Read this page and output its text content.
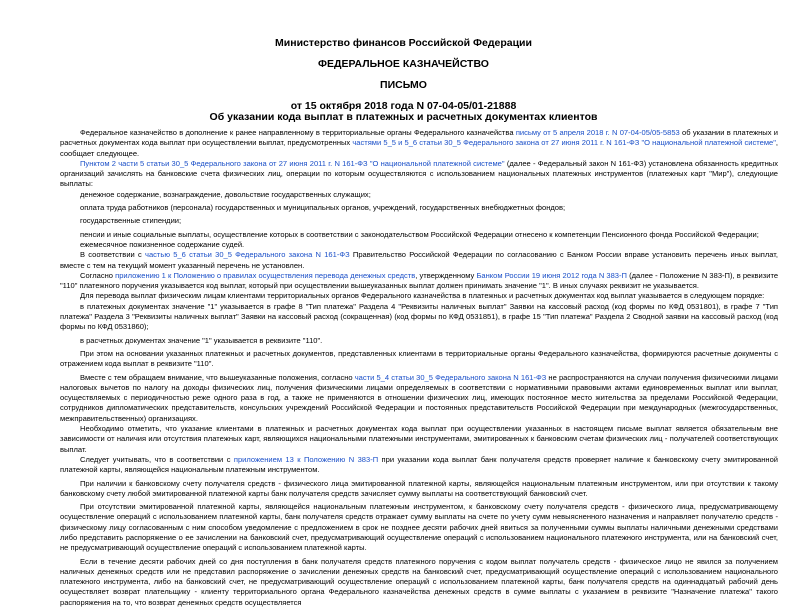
Министерство финансов Российской Федерации
ФЕДЕРАЛЬНОЕ КАЗНАЧЕЙСТВО
ПИСЬМО
от 15 октября 2018 года N 07-04-05/01-21888
Об указании кода выплат в платежных и расчетных документах клиентов

Федеральное казначейство в дополнение к ранее направленному в территориальные органы Федерального казначейства письму от 5 апреля 2018 г. N 07-04-05/05-5853 об указании в платежных и расчетных документах кода выплат при осуществлении выплат, предусмотренных частями 5_5 и 5_6 статьи 30_5 Федерального закона от 27 июня 2011 г. N 161-ФЗ "О национальной платежной системе", сообщает следующее.

Пунктом 2 части 5 статьи 30_5 Федерального закона от 27 июня 2011 г. N 161-ФЗ "О национальной платежной системе" (далее - Федеральный закон N 161-ФЗ) установлена обязанность кредитных организаций зачислять на банковские счета физических лиц, операции по которым осуществляются с использованием национальных платежных инструментов (платежных карт "Мир"), следующие выплаты:

денежное содержание, вознаграждение, довольствие государственных служащих;

оплата труда работников (персонала) государственных и муниципальных органов, учреждений, государственных внебюджетных фондов;

государственные стипендии;

пенсии и иные социальные выплаты, осуществление которых в соответствии с законодательством Российской Федерации отнесено к компетенции Пенсионного фонда Российской Федерации;

ежемесячное пожизненное содержание судей.

В соответствии с частью 5_6 статьи 30_5 Федерального закона N 161-ФЗ Правительство Российской Федерации по согласованию с Банком России вправе установить перечень иных выплат, вместе с тем на текущий момент указанный перечень не установлен.

Согласно приложению 1 к Положению о правилах осуществления перевода денежных средств, утвержденному Банком России 19 июня 2012 года N 383-П (далее - Положение N 383-П), в реквизите "110" платежного поручения указывается код выплат, который при осуществлении вышеуказанных выплат должен принимать значение "1". В иных случаях реквизит не указывается.

Для перевода выплат физическим лицам клиентами территориальных органов Федерального казначейства в платежных и расчетных документах код выплат указывается в следующем порядке:

в платежных документах значение "1" указывается в графе 8 "Тип платежа" Раздела 4 "Реквизиты наличных выплат" Заявки на кассовый расход (код формы по КФД 0531801), в графе 7 "Тип платежа" Раздела 3 "Реквизиты наличных выплат" Заявки на кассовый расход (сокращенная) (код формы по КФД 0531851), в графе 15 "Тип платежа" Раздела 2 Сводной заявки на кассовый расход (код формы по КФД 0531860);

в расчетных документах значение "1" указывается в реквизите "110".

При этом на основании указанных платежных и расчетных документов, представленных клиентами в территориальные органы Федерального казначейства, формируются расчетные документы с отражением кода выплат в реквизите "110".

Вместе с тем обращаем внимание, что вышеуказанные положения, согласно части 5_4 статьи 30_5 Федерального закона N 161-ФЗ не распространяются на случаи получения физическими лицами налоговых вычетов по налогу на доходы физических лиц, получения физическими лицами определяемых в соответствии с нормативными правовыми актами единовременных выплат или выплат, осуществляемых с периодичностью реже одного раза в год, а также не применяются в отношении физических лиц, имеющих постоянное место жительства за пределами Российской Федерации, сотрудников дипломатических представительств, консульских учреждений Российской Федерации и постоянных представительств Российской Федерации при международных (межгосударственных, межправительственных) организациях.

Необходимо отметить, что указание клиентами в платежных и расчетных документах кода выплат при осуществлении указанных в настоящем письме выплат является обязательным вне зависимости от наличия или отсутствия платежных карт, являющихся национальными платежными инструментами, эмитированных к банковским счетам физических лиц - получателей соответствующих выплат.

Следует учитывать, что в соответствии с приложением 13 к Положению N 383-П при указании кода выплат банк получателя средств проверяет наличие к банковскому счету эмитированной платежной карты, являющейся национальным платежным инструментом.

При наличии к банковскому счету получателя средств - физического лица эмитированной платежной карты, являющейся национальным платежным инструментом, или при отсутствии к такому банковскому счету любой эмитированной платежной карты банк получателя средств зачисляет сумму выплаты на соответствующий банковский счет.

При отсутствии эмитированной платежной карты, являющейся национальным платежным инструментом, к банковскому счету получателя средств - физического лица, предусматривающему осуществление операций с использованием платежной карты, банк получателя средств отражает сумму выплаты на счете по учету сумм невыясненного назначения и направляет получателю средств - физическому лицу согласованным с ним способом уведомление с предложением в срок не позднее десяти рабочих дней явиться за полученными суммы выплаты наличными денежными средствами либо представить распоряжение о ее зачислении на банковский счет, предусматривающий осуществление операций с использованием национального платежного инструмента, или на банковский счет, не предусматривающий осуществление операций с использованием платежной карты.

Если в течение десяти рабочих дней со дня поступления в банк получателя средств платежного поручения с кодом выплат получатель средств - физическое лицо не явился за получением наличных денежных средств или не представил распоряжение о зачислении денежных средств на банковский счет, предусматривающий осуществление операций с использованием национального платежного инструмента, либо на банковский счет, не предусматривающий осуществление операций с использованием платежной карты, банк получателя средств на одиннадцатый рабочий день осуществляет возврат плательщику - клиенту территориального органа Федерального казначейства денежных средств в сумме выплаты с указанием в реквизите "Назначение платежа" такого распоряжения на то, что возврат денежных средств осуществляется
